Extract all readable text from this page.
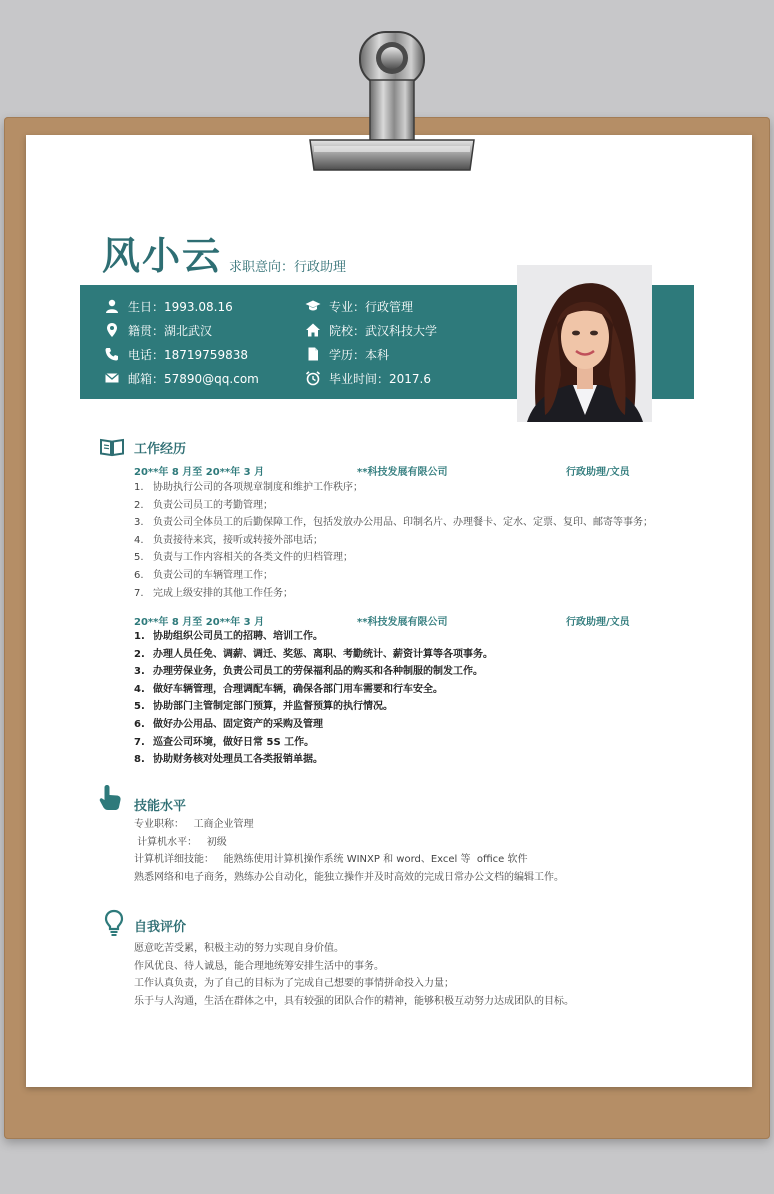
风小云 求职意向：行政助理
生日：1993.08.16
籍贯：湖北武汉
电话：18719759838
邮箱：57890@qq.com
专业：行政管理
院校：武汉科技大学
学历：本科
毕业时间：2017.6
工作经历
20**年 8 月至 20**年 3 月	**科技发展有限公司	行政助理/文员
1. 协助执行公司的各项规章制度和维护工作秩序；
2. 负责公司员工的考勤管理；
3. 负责公司全体员工的后勤保障工作，包括发放办公用品、印制名片、办理餐卡、定水、定票、复印、邮寄等事务；
4. 负责接待来宾，接听或转接外部电话；
5. 负责与工作内容相关的各类文件的归档管理；
6. 负责公司的车辆管理工作；
7. 完成上级安排的其他工作任务；
20**年 8 月至 20**年 3 月	**科技发展有限公司	行政助理/文员
1. 协助组织公司员工的招聘、培训工作。
2. 办理人员任免、调薪、调迁、奖惩、离职、考勤统计、薪资计算等各项事务。
3. 办理劳保业务，负责公司员工的劳保福利品的购买和各种制服的制发工作。
4. 做好车辆管理，合理调配车辆，确保各部门用车需要和行车安全。
5. 协助部门主管制定部门预算，并监督预算的执行情况。
6. 做好办公用品、固定资产的采购及管理
7. 巡查公司环境，做好日常 5S 工作。
8. 协助财务核对处理员工各类报销单据。
技能水平
专业职称：   工商企业管理
计算机水平：   初级
计算机详细技能：   能熟练使用计算机操作系统 WINXP 和 word、Excel 等  office 软件
熟悉网络和电子商务，熟练办公自动化，能独立操作并及时高效的完成日常办公文档的编辑工作。
自我评价
愿意吃苦受累，积极主动的努力实现自身价值。
作风优良、待人诚恳，能合理地统筹安排生活中的事务。
工作认真负责，为了自己的目标为了完成自己想要的事情拼命投入力量；
乐于与人沟通，生活在群体之中，具有较强的团队合作的精神，能够积极互动努力达成团队的目标。
